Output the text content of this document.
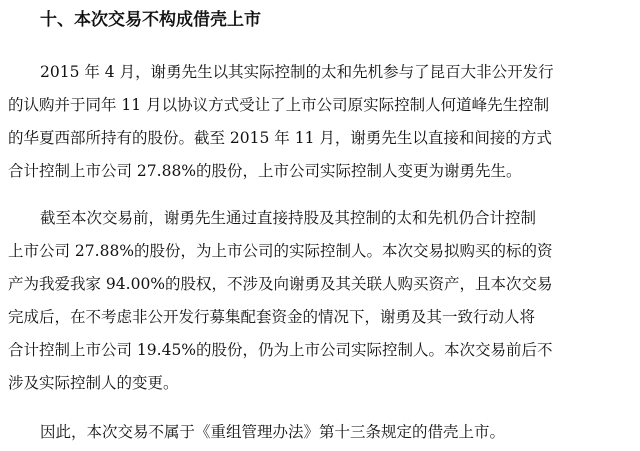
十、本次交易不构成借壳上市
2015 年 4 月，谢勇先生以其实际控制的太和先机参与了昆百大非公开发行
的认购并于同年 11 月以协议方式受让了上市公司原实际控制人何道峰先生控制
的华夏西部所持有的股份。截至 2015 年 11 月，谢勇先生以直接和间接的方式
合计控制上市公司 27.88%的股份，上市公司实际控制人变更为谢勇先生。
截至本次交易前，谢勇先生通过直接持股及其控制的太和先机仍合计控制
上市公司 27.88%的股份，为上市公司的实际控制人。本次交易拟购买的标的资
产为我爱我家 94.00%的股权，不涉及向谢勇及其关联人购买资产，且本次交易
完成后，在不考虑非公开发行募集配套资金的情况下，谢勇及其一致行动人将
合计控制上市公司 19.45%的股份，仍为上市公司实际控制人。本次交易前后不
涉及实际控制人的变更。
因此，本次交易不属于《重组管理办法》第十三条规定的借壳上市。
